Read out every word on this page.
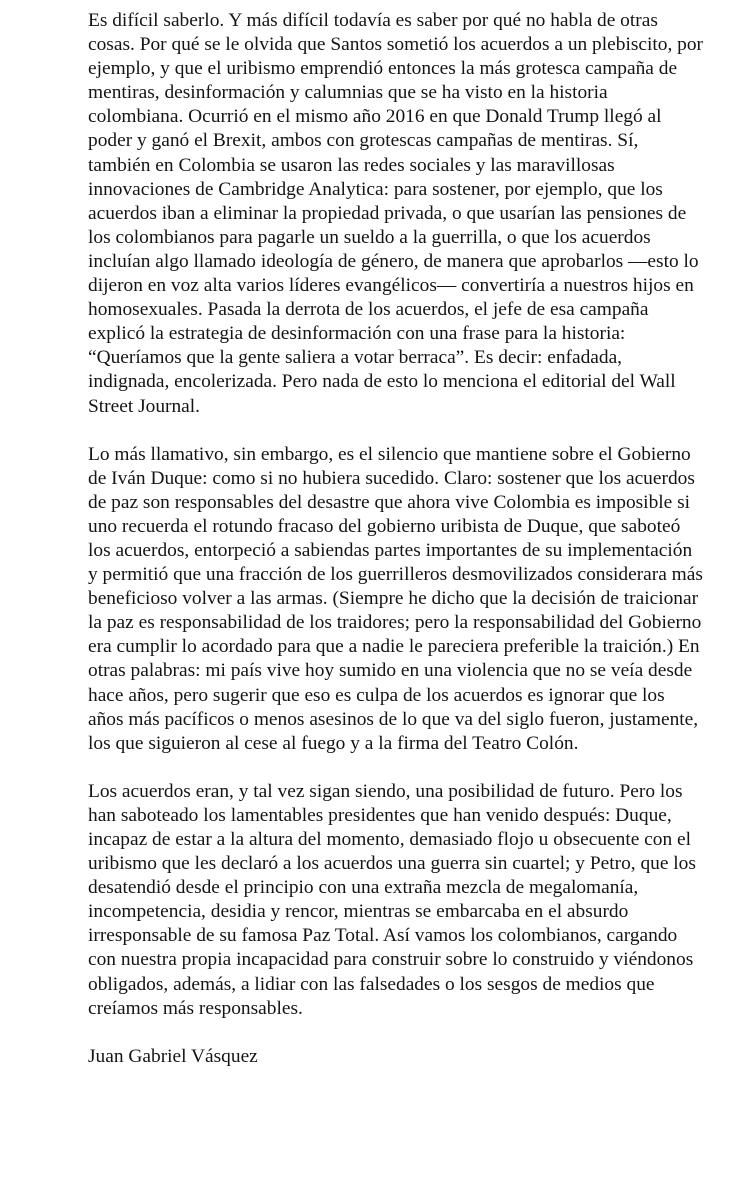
Es difícil saberlo. Y más difícil todavía es saber por qué no habla de otras cosas. Por qué se le olvida que Santos sometió los acuerdos a un plebiscito, por ejemplo, y que el uribismo emprendió entonces la más grotesca campaña de mentiras, desinformación y calumnias que se ha visto en la historia colombiana. Ocurrió en el mismo año 2016 en que Donald Trump llegó al poder y ganó el Brexit, ambos con grotescas campañas de mentiras. Sí, también en Colombia se usaron las redes sociales y las maravillosas innovaciones de Cambridge Analytica: para sostener, por ejemplo, que los acuerdos iban a eliminar la propiedad privada, o que usarían las pensiones de los colombianos para pagarle un sueldo a la guerrilla, o que los acuerdos incluían algo llamado ideología de género, de manera que aprobarlos —esto lo dijeron en voz alta varios líderes evangélicos— convertiría a nuestros hijos en homosexuales. Pasada la derrota de los acuerdos, el jefe de esa campaña explicó la estrategia de desinformación con una frase para la historia: “Queríamos que la gente saliera a votar berraca”. Es decir: enfadada, indignada, encolerizada. Pero nada de esto lo menciona el editorial del Wall Street Journal.

Lo más llamativo, sin embargo, es el silencio que mantiene sobre el Gobierno de Iván Duque: como si no hubiera sucedido. Claro: sostener que los acuerdos de paz son responsables del desastre que ahora vive Colombia es imposible si uno recuerda el rotundo fracaso del gobierno uribista de Duque, que saboteó los acuerdos, entorpeció a sabiendas partes importantes de su implementación y permitió que una fracción de los guerrilleros desmovilizados considerara más beneficioso volver a las armas. (Siempre he dicho que la decisión de traicionar la paz es responsabilidad de los traidores; pero la responsabilidad del Gobierno era cumplir lo acordado para que a nadie le pareciera preferible la traición.) En otras palabras: mi país vive hoy sumido en una violencia que no se veía desde hace años, pero sugerir que eso es culpa de los acuerdos es ignorar que los años más pacíficos o menos asesinos de lo que va del siglo fueron, justamente, los que siguieron al cese al fuego y a la firma del Teatro Colón.

Los acuerdos eran, y tal vez sigan siendo, una posibilidad de futuro. Pero los han saboteado los lamentables presidentes que han venido después: Duque, incapaz de estar a la altura del momento, demasiado flojo u obsecuente con el uribismo que les declaró a los acuerdos una guerra sin cuartel; y Petro, que los desatendió desde el principio con una extraña mezcla de megalomanía, incompetencia, desidia y rencor, mientras se embarcaba en el absurdo irresponsable de su famosa Paz Total. Así vamos los colombianos, cargando con nuestra propia incapacidad para construir sobre lo construido y viéndonos obligados, además, a lidiar con las falsedades o los sesgos de medios que creíamos más responsables.

Juan Gabriel Vásquez
